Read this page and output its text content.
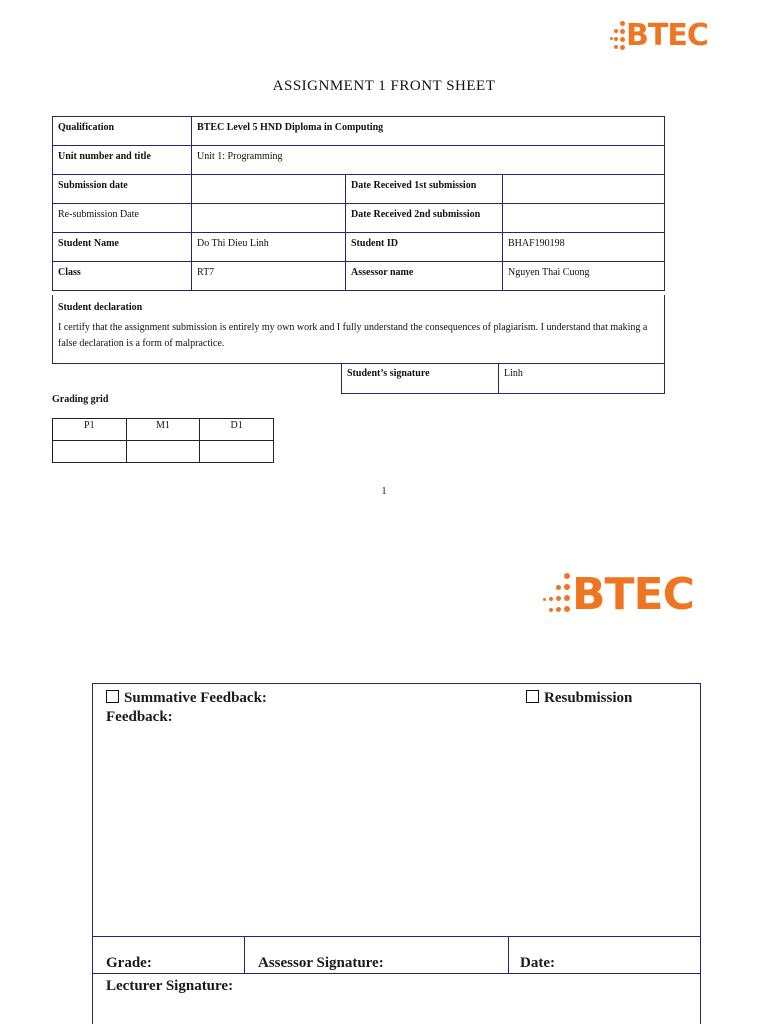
BTEC
ASSIGNMENT 1 FRONT SHEET
Qualification	BTEC Level 5 HND Diploma in Computing		
Unit number and title	Unit 1: Programming		
Submission date		Date Received 1st submission	
Re-submission Date		Date Received 2nd submission	
Student Name	Do Thi Dieu Linh	Student ID	BHAF190198
Class	RT7	Assessor name	Nguyen Thai Cuong
Student declaration
I certify that the assignment submission is entirely my own work and I fully understand the consequences of plagiarism. I understand that making a false declaration is a form of malpractice.
Student’s signature	Linh
Grading grid
P1	M1	D1

1
BTEC
Summative Feedback:	Resubmission
Feedback:
Grade:	Assessor Signature:	Date:
Lecturer Signature:
